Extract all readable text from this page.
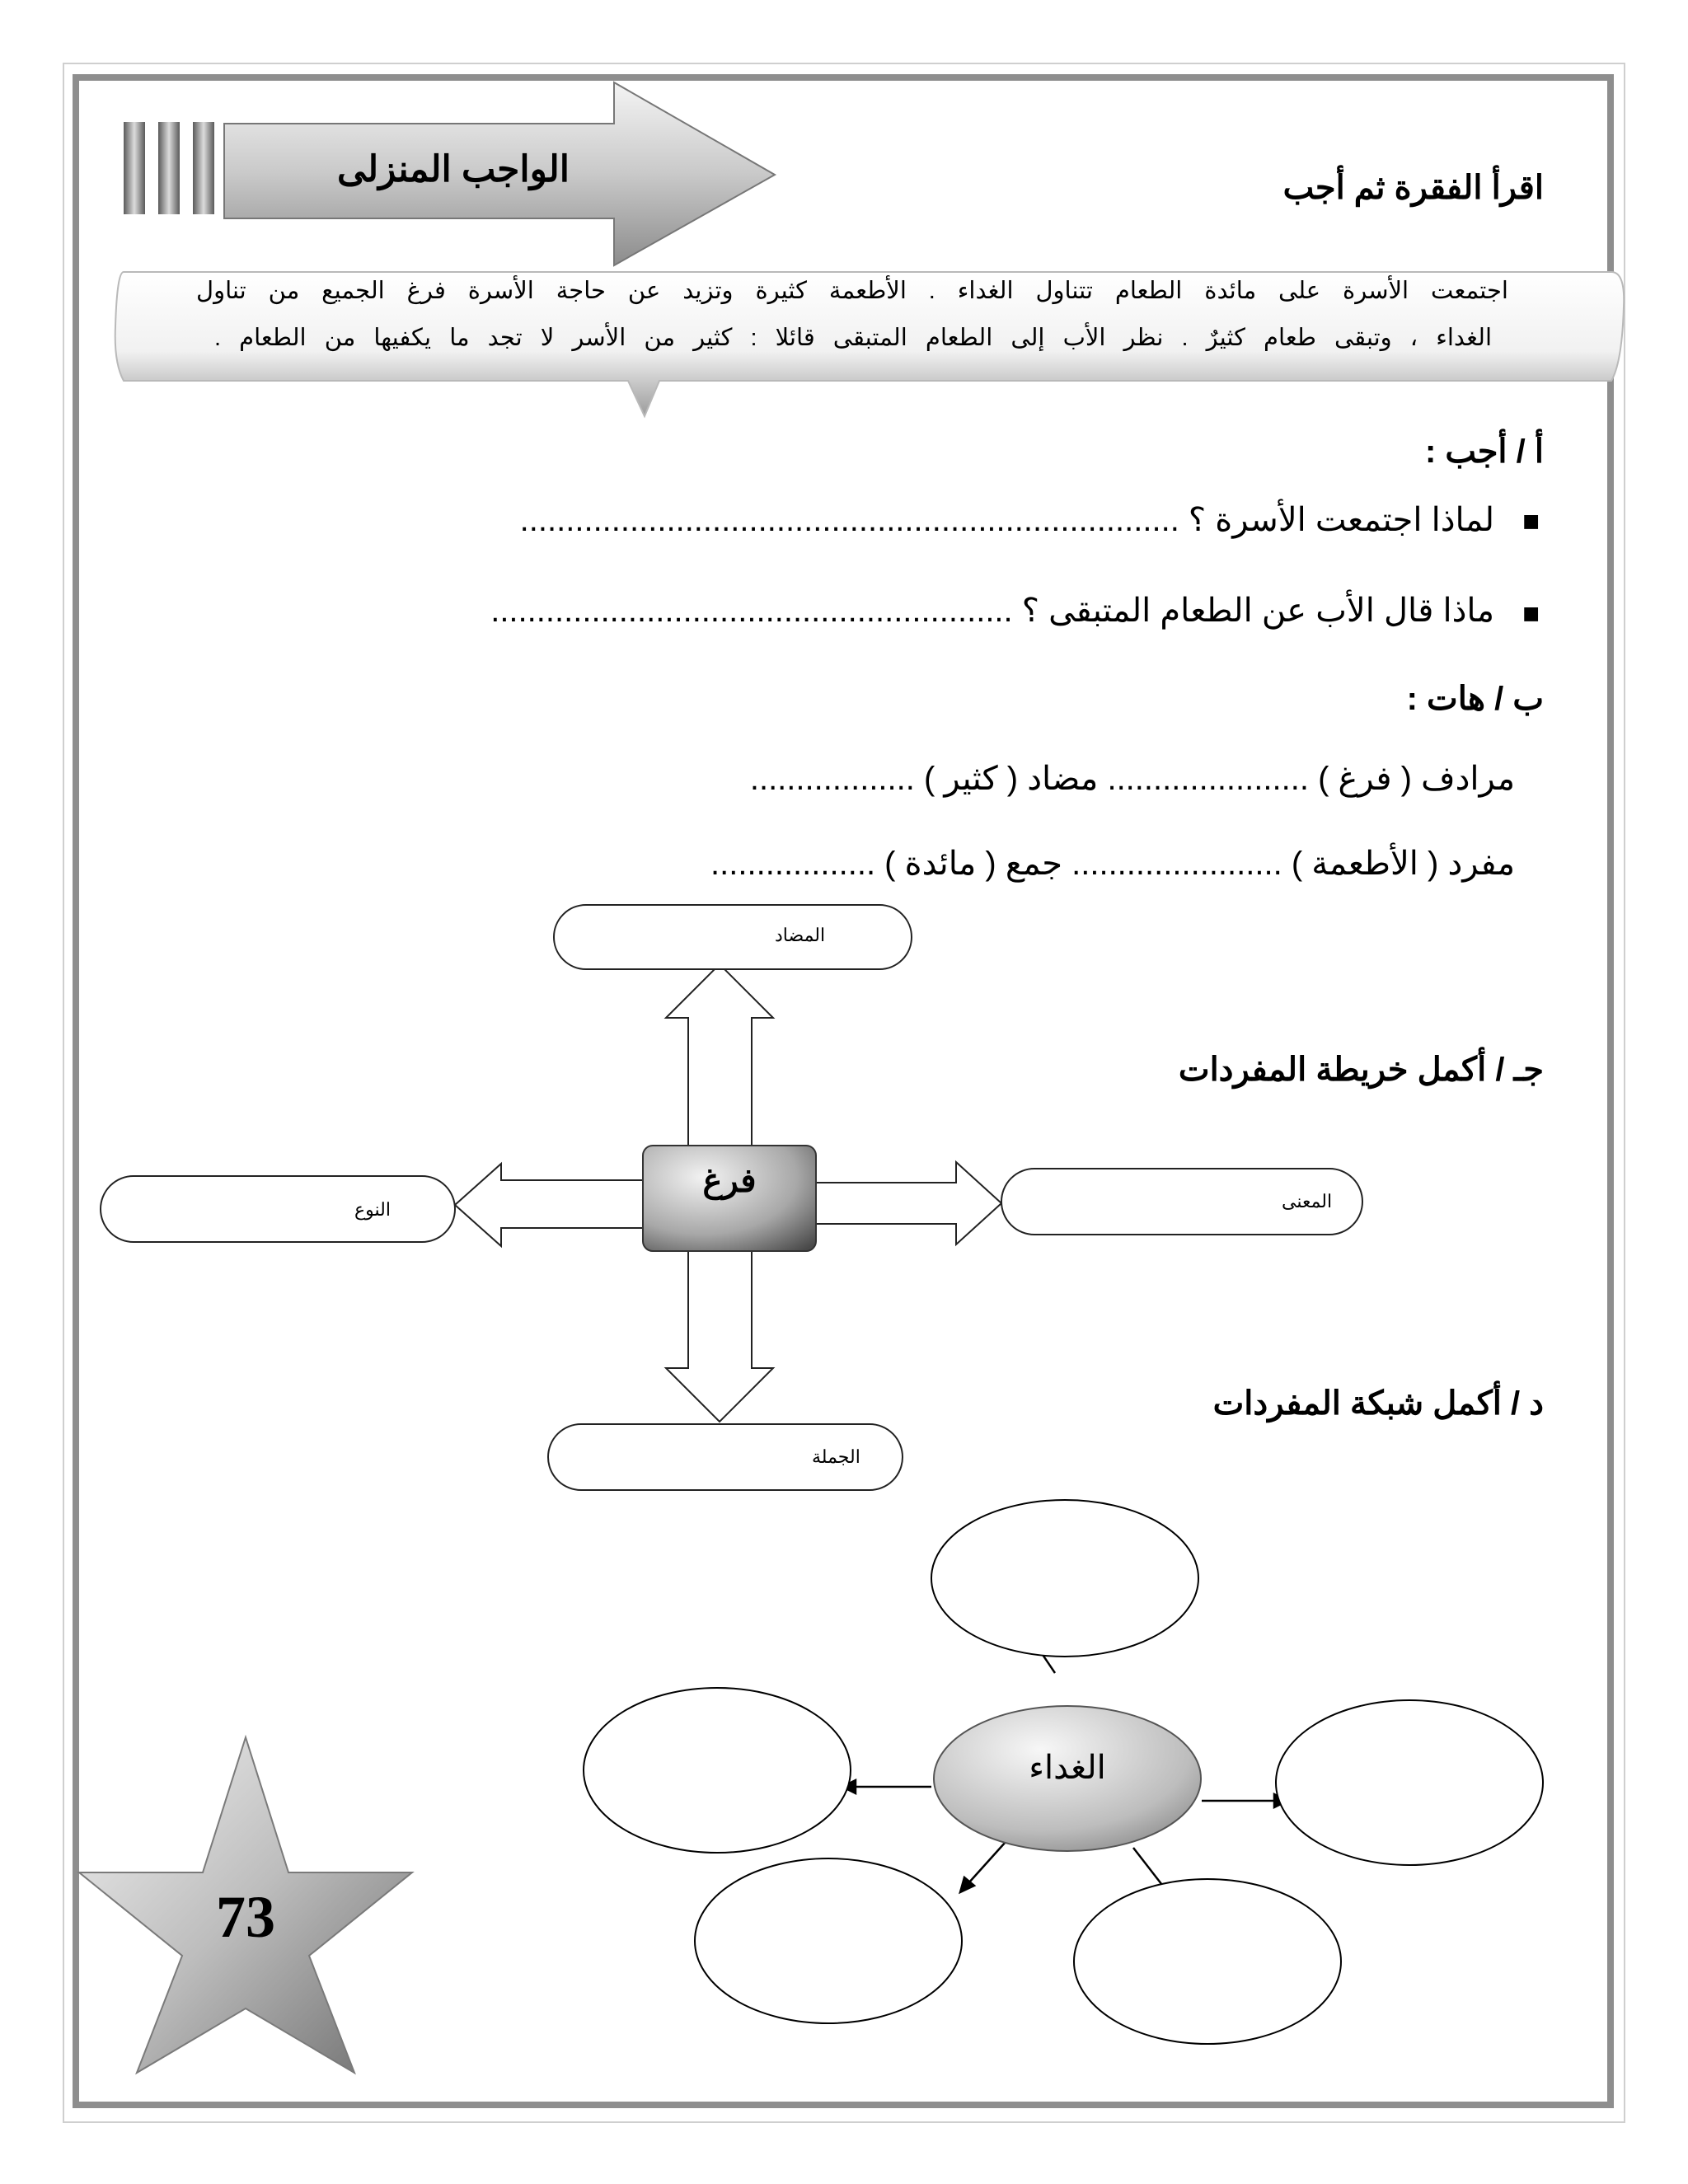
الواجب المنزلى	اقرأ الفقرة ثم أجب
اجتمعت الأسرة على مائدة الطعام تتناول الغداء . الأطعمة كثيرة وتزيد عن حاجة الأسرة فرغ الجميع من تناول
الغداء ، وتبقى طعام كثيرٌ . نظر الأب إلى الطعام المتبقى قائلا : كثير من الأسر لا تجد ما يكفيها من الطعام .
أ / أجب :
■
لماذا اجتمعت الأسرة ؟ ........................................................................
■
ماذا قال الأب عن الطعام المتبقى ؟ .........................................................
ب / هات :
مرادف ( فرغ ) ...................... مضاد ( كثير ) ..................
مفرد ( الأطعمة ) ....................... جمع ( مائدة ) ..................
جـ / أكمل خريطة المفردات
المضاد
النوع	المعنى
الجملة
فرغ
د / أكمل شبكة المفردات
الغداء
73
